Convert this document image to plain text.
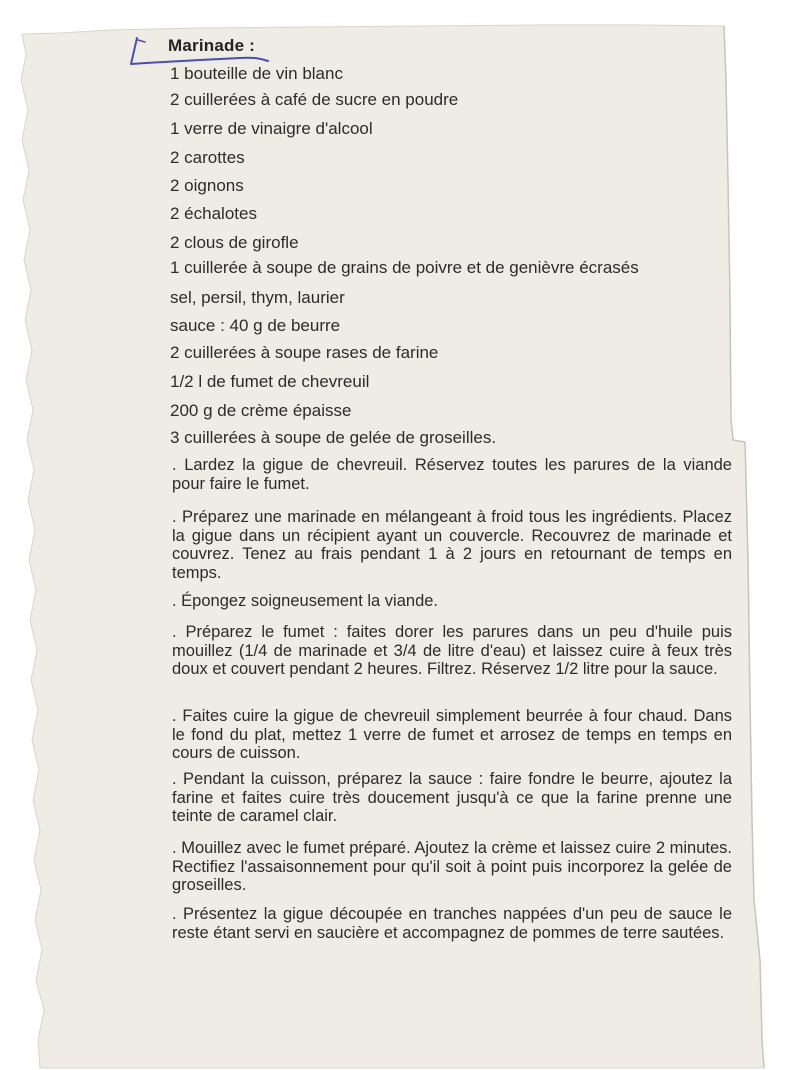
Marinade :
1 bouteille de vin blanc
2 cuillerées à café de sucre en poudre
1 verre de vinaigre d'alcool
2 carottes
2 oignons
2 échalotes
2 clous de girofle
1 cuillerée à soupe de grains de poivre et de genièvre écrasés
sel, persil, thym, laurier
sauce : 40 g de beurre
2 cuillerées à soupe rases de farine
1/2 l de fumet de chevreuil
200 g de crème épaisse
3 cuillerées à soupe de gelée de groseilles.

. Lardez la gigue de chevreuil. Réservez toutes les parures de la viande pour faire le fumet.

. Préparez une marinade en mélangeant à froid tous les ingrédients. Placez la gigue dans un récipient ayant un couvercle. Recouvrez de marinade et couvrez. Tenez au frais pendant 1 à 2 jours en retournant de temps en temps.

. Épongez soigneusement la viande.

. Préparez le fumet : faites dorer les parures dans un peu d'huile puis mouillez (1/4 de marinade et 3/4 de litre d'eau) et laissez cuire à feux très doux et couvert pendant 2 heures. Filtrez. Réservez 1/2 litre pour la sauce.

. Faites cuire la gigue de chevreuil simplement beurrée à four chaud. Dans le fond du plat, mettez 1 verre de fumet et arrosez de temps en temps en cours de cuisson.

. Pendant la cuisson, préparez la sauce : faire fondre le beurre, ajoutez la farine et faites cuire très doucement jusqu'à ce que la farine prenne une teinte de caramel clair.

. Mouillez avec le fumet préparé. Ajoutez la crème et laissez cuire 2 minutes. Rectifiez l'assaisonnement pour qu'il soit à point puis incorporez la gelée de groseilles.

. Présentez la gigue découpée en tranches nappées d'un peu de sauce le reste étant servi en saucière et accompagnez de pommes de terre sautées.
